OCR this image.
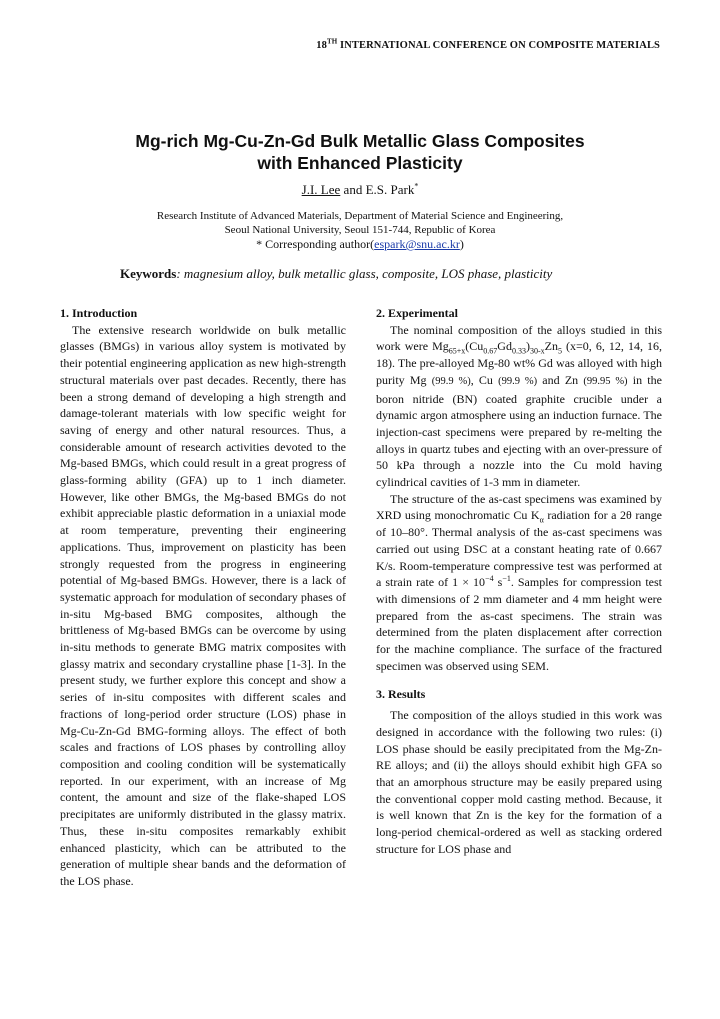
18TH INTERNATIONAL CONFERENCE ON COMPOSITE MATERIALS
Mg-rich Mg-Cu-Zn-Gd Bulk Metallic Glass Composites
with Enhanced Plasticity
J.I. Lee and E.S. Park*
Research Institute of Advanced Materials, Department of Material Science and Engineering,
Seoul National University, Seoul 151-744, Republic of Korea
* Corresponding author(espark@snu.ac.kr)
Keywords: magnesium alloy, bulk metallic glass, composite, LOS phase, plasticity
1. Introduction

The extensive research worldwide on bulk metallic glasses (BMGs) in various alloy system is motivated by their potential engineering application as new high-strength structural materials over past decades. Recently, there has been a strong demand of developing a high strength and damage-tolerant materials with low specific weight for saving of energy and other natural resources. Thus, a considerable amount of research activities devoted to the Mg-based BMGs, which could result in a great progress of glass-forming ability (GFA) up to 1 inch diameter. However, like other BMGs, the Mg-based BMGs do not exhibit appreciable plastic deformation in a uniaxial mode at room temperature, preventing their engineering applications. Thus, improvement on plasticity has been strongly requested from the progress in engineering potential of Mg-based BMGs. However, there is a lack of systematic approach for modulation of secondary phases of in-situ Mg-based BMG composites, although the brittleness of Mg-based BMGs can be overcome by using in-situ methods to generate BMG matrix composites with glassy matrix and secondary crystalline phase [1-3]. In the present study, we further explore this concept and show a series of in-situ composites with different scales and fractions of long-period order structure (LOS) phase in Mg-Cu-Zn-Gd BMG-forming alloys. The effect of both scales and fractions of LOS phases by controlling alloy composition and cooling condition will be systematically reported. In our experiment, with an increase of Mg content, the amount and size of the flake-shaped LOS precipitates are uniformly distributed in the glassy matrix. Thus, these in-situ composites remarkably exhibit enhanced plasticity, which can be attributed to the generation of multiple shear bands and the deformation of the LOS phase.

2. Experimental

The nominal composition of the alloys studied in this work were $Mg_{65+x}(Cu_{0.67}Gd_{0.33})_{30-x}Zn_5$ (x=0, 6, 12, 14, 16, 18). The pre-alloyed Mg-80 wt% Gd was alloyed with high purity Mg (99.9 %), Cu (99.9 %) and Zn (99.95 %) in the boron nitride (BN) coated graphite crucible under a dynamic argon atmosphere using an induction furnace. The injection-cast specimens were prepared by re-melting the alloys in quartz tubes and ejecting with an over-pressure of 50 kPa through a nozzle into the Cu mold having cylindrical cavities of 1-3 mm in diameter.

The structure of the as-cast specimens was examined by XRD using monochromatic Cu $K_\alpha$ radiation for a 2θ range of 10–80°. Thermal analysis of the as-cast specimens was carried out using DSC at a constant heating rate of 0.667 K/s. Room-temperature compressive test was performed at a strain rate of $1 \times 10^{-4}$ $s^{-1}$. Samples for compression test with dimensions of 2 mm diameter and 4 mm height were prepared from the as-cast specimens. The strain was determined from the platen displacement after correction for the machine compliance. The surface of the fractured specimen was observed using SEM.

3. Results

The composition of the alloys studied in this work was designed in accordance with the following two rules: (i) LOS phase should be easily precipitated from the Mg-Zn-RE alloys; and (ii) the alloys should exhibit high GFA so that an amorphous structure may be easily prepared using the conventional copper mold casting method. Because, it is well known that Zn is the key for the formation of a long-period chemical-ordered as well as stacking ordered structure for LOS phase and
